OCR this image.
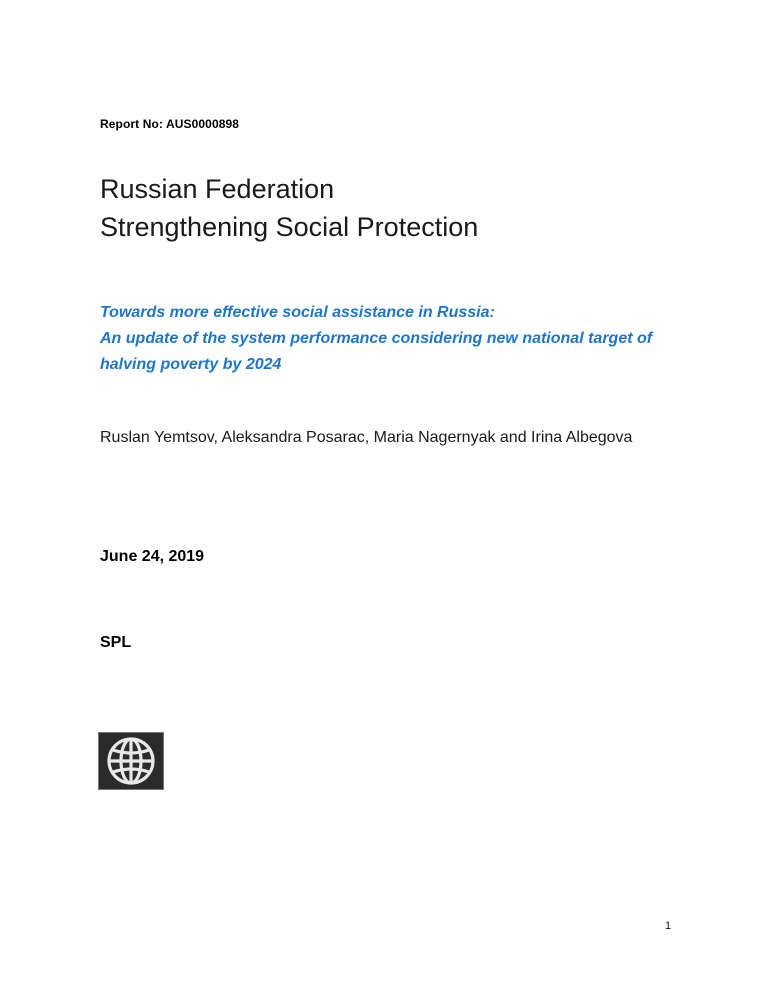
Report No: AUS0000898
Russian Federation
Strengthening Social Protection
Towards more effective social assistance in Russia:
An update of the system performance considering new national target of halving poverty by 2024
Ruslan Yemtsov, Aleksandra Posarac, Maria Nagernyak and Irina Albegova
June 24, 2019
SPL
1
